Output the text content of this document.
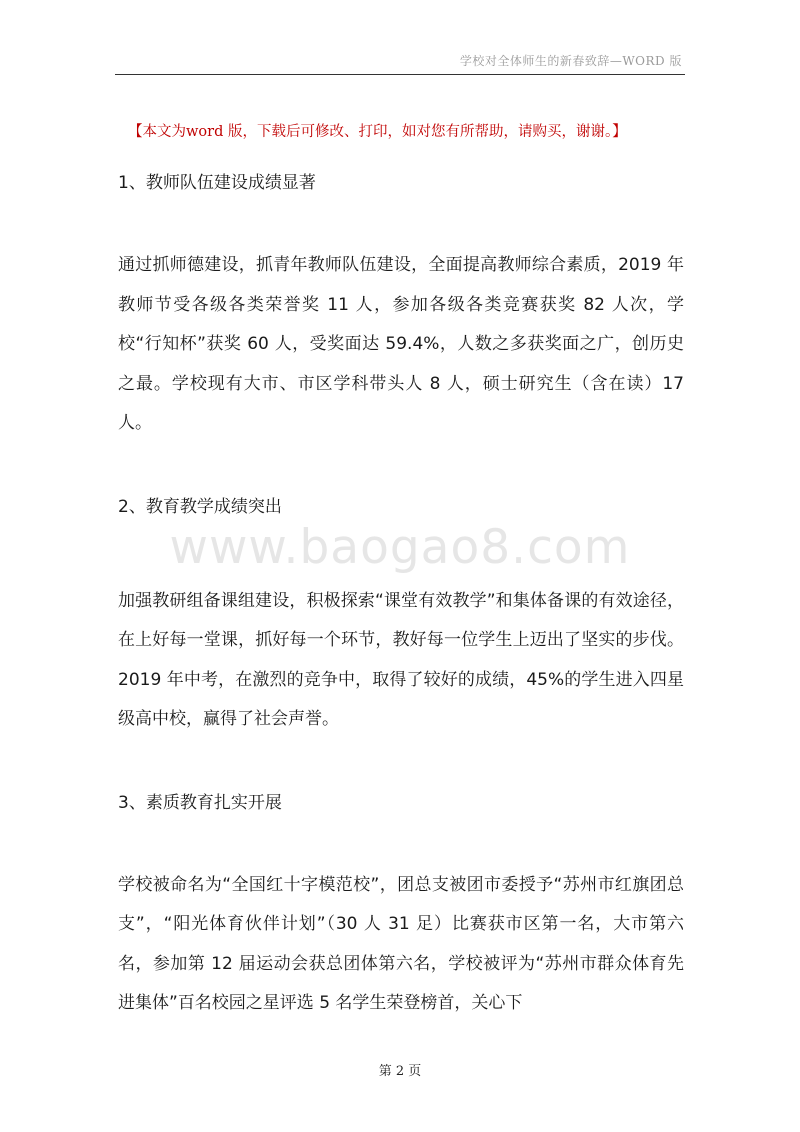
学校对全体师生的新春致辞—WORD 版
【本文为word 版，下载后可修改、打印，如对您有所帮助，请购买，谢谢。】
www.baogao8.com

1、教师队伍建设成绩显著

通过抓师德建设，抓青年教师队伍建设，全面提高教师综合素质，2019 年教师节受各级各类荣誉奖 11 人，参加各级各类竞赛获奖 82 人次，学校“行知杯”获奖 60 人，受奖面达 59.4%，人数之多获奖面之广，创历史之最。学校现有大市、市区学科带头人 8 人，硕士研究生（含在读）17 人。

2、教育教学成绩突出

加强教研组备课组建设，积极探索“课堂有效教学”和集体备课的有效途径，在上好每一堂课，抓好每一个环节，教好每一位学生上迈出了坚实的步伐。2019 年中考，在激烈的竞争中，取得了较好的成绩，45%的学生进入四星级高中校，赢得了社会声誉。

3、素质教育扎实开展

学校被命名为“全国红十字模范校”，团总支被团市委授予“苏州市红旗团总支”，“阳光体育伙伴计划”（30 人 31 足）比赛获市区第一名，大市第六名，参加第 12 届运动会获总团体第六名，学校被评为“苏州市群众体育先进集体”百名校园之星评选 5 名学生荣登榜首，关心下

第 2 页
